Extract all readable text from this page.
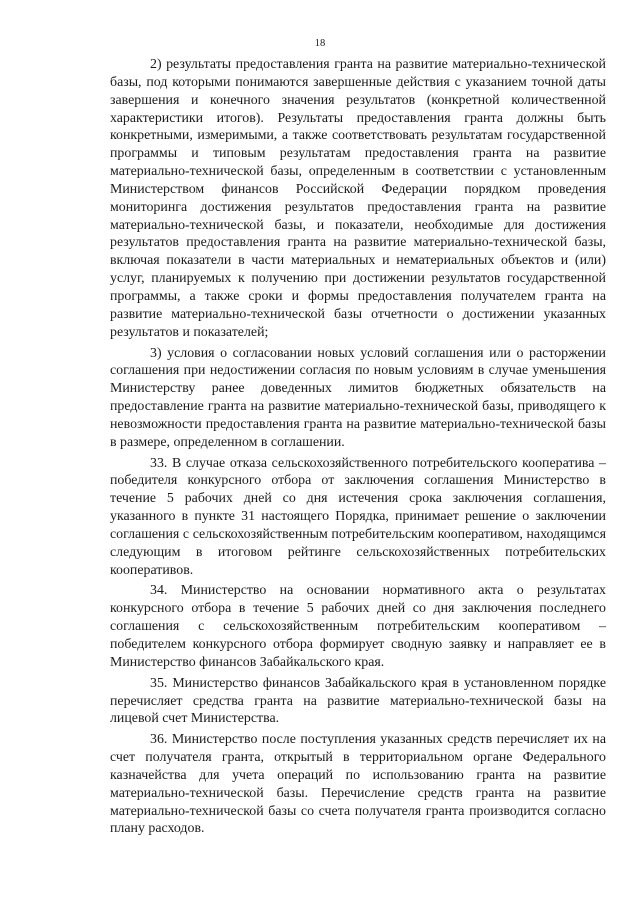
18

2) результаты предоставления гранта на развитие материально-технической базы, под которыми понимаются завершенные действия с указанием точной даты завершения и конечного значения результатов (конкретной количественной характеристики итогов). Результаты предоставления гранта должны быть конкретными, измеримыми, а также соответствовать результатам государственной программы и типовым результатам предоставления гранта на развитие материально-технической базы, определенным в соответствии с установленным Министерством финансов Российской Федерации порядком проведения мониторинга достижения результатов предоставления гранта на развитие материально-технической базы, и показатели, необходимые для достижения результатов предоставления гранта на развитие материально-технической базы, включая показатели в части материальных и нематериальных объектов и (или) услуг, планируемых к получению при достижении результатов государственной программы, а также сроки и формы предоставления получателем гранта на развитие материально-технической базы отчетности о достижении указанных результатов и показателей;

3) условия о согласовании новых условий соглашения или о расторжении соглашения при недостижении согласия по новым условиям в случае уменьшения Министерству ранее доведенных лимитов бюджетных обязательств на предоставление гранта на развитие материально-технической базы, приводящего к невозможности предоставления гранта на развитие материально-технической базы в размере, определенном в соглашении.

33. В случае отказа сельскохозяйственного потребительского кооператива – победителя конкурсного отбора от заключения соглашения Министерство в течение 5 рабочих дней со дня истечения срока заключения соглашения, указанного в пункте 31 настоящего Порядка, принимает решение о заключении соглашения с сельскохозяйственным потребительским кооперативом, находящимся следующим в итоговом рейтинге сельскохозяйственных потребительских кооперативов.

34. Министерство на основании нормативного акта о результатах конкурсного отбора в течение 5 рабочих дней со дня заключения последнего соглашения с сельскохозяйственным потребительским кооперативом – победителем конкурсного отбора формирует сводную заявку и направляет ее в Министерство финансов Забайкальского края.

35. Министерство финансов Забайкальского края в установленном порядке перечисляет средства гранта на развитие материально-технической базы на лицевой счет Министерства.

36. Министерство после поступления указанных средств перечисляет их на счет получателя гранта, открытый в территориальном органе Федерального казначейства для учета операций по использованию гранта на развитие материально-технической базы. Перечисление средств гранта на развитие материально-технической базы со счета получателя гранта производится согласно плану расходов.
